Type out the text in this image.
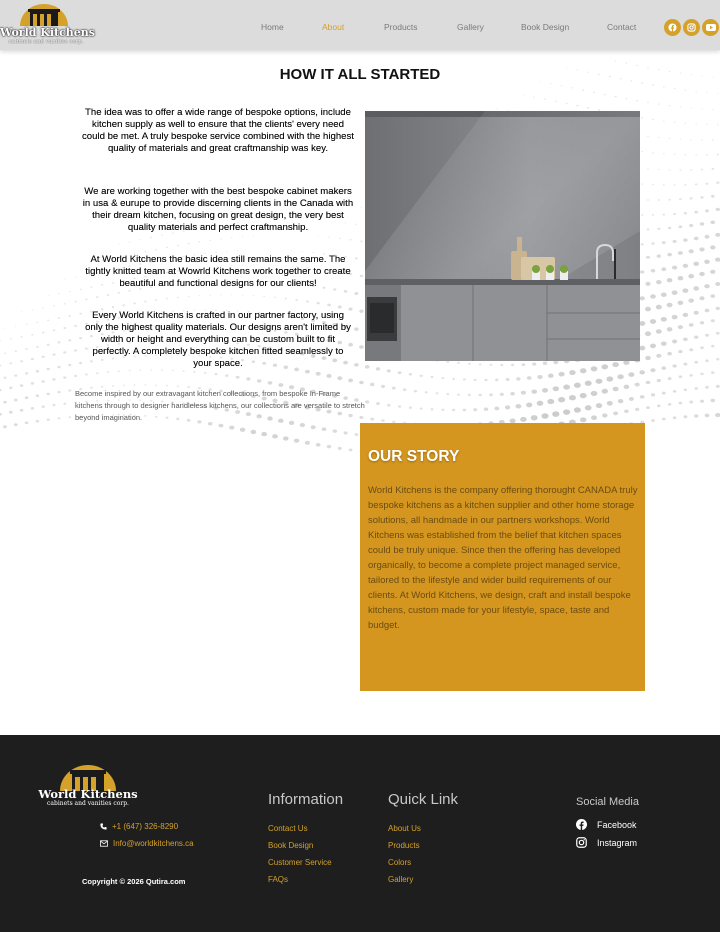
World Kitchens
cabinets and vanities corp.
Home	About	Products	Gallery	Book Design	Contact
HOW IT ALL STARTED

The idea was to offer a wide range of bespoke options, include kitchen supply as well to ensure that the clients' every need could be met. A truly bespoke service combined with the highest quality of materials and great craftmanship was key.

We are working together with the best bespoke cabinet makers in usa & eurupe to provide discerning clients in the Canada with their dream kitchen, focusing on great design, the very best quality materials and perfect craftmanship.

At World Kitchens the basic idea still remains the same. The tightly knitted team at Wowrld Kitchens work together to create beautiful and functional designs for our clients!

Every World Kitchens is crafted in our partner factory, using only the highest quality materials. Our designs aren't limited by width or height and everything can be custom built to fit perfectly. A completely bespoke kitchen fitted seamlessly to your space.

Become inspired by our extravagant kitchen collections, from bespoke In-Frame kitchens through to designer handleless kitchens, our collections are versatile to stretch beyond imagination.

OUR STORY

World Kitchens is the company offering thorought CANADA truly bespoke kitchens as a kitchen supplier and other home storage solutions, all handmade in our partners workshops. World Kitchens was established from the belief that kitchen spaces could be truly unique. Since then the offering has developed organically, to become a complete project managed service, tailored to the lifestyle and wider build requirements of our clients. At World Kitchens, we design, craft and install bespoke kitchens, custom made for your lifestyle, space, taste and budget.

World Kitchens
cabinets and vanities corp.
+1 (647) 326-8290
Info@worldkitchens.ca
Copyright © 2026 Qutira.com
Information
Contact Us
Book Design
Customer Service
FAQs
Quick Link
About Us
Products
Colors
Gallery
Social Media
Facebook
Instagram
